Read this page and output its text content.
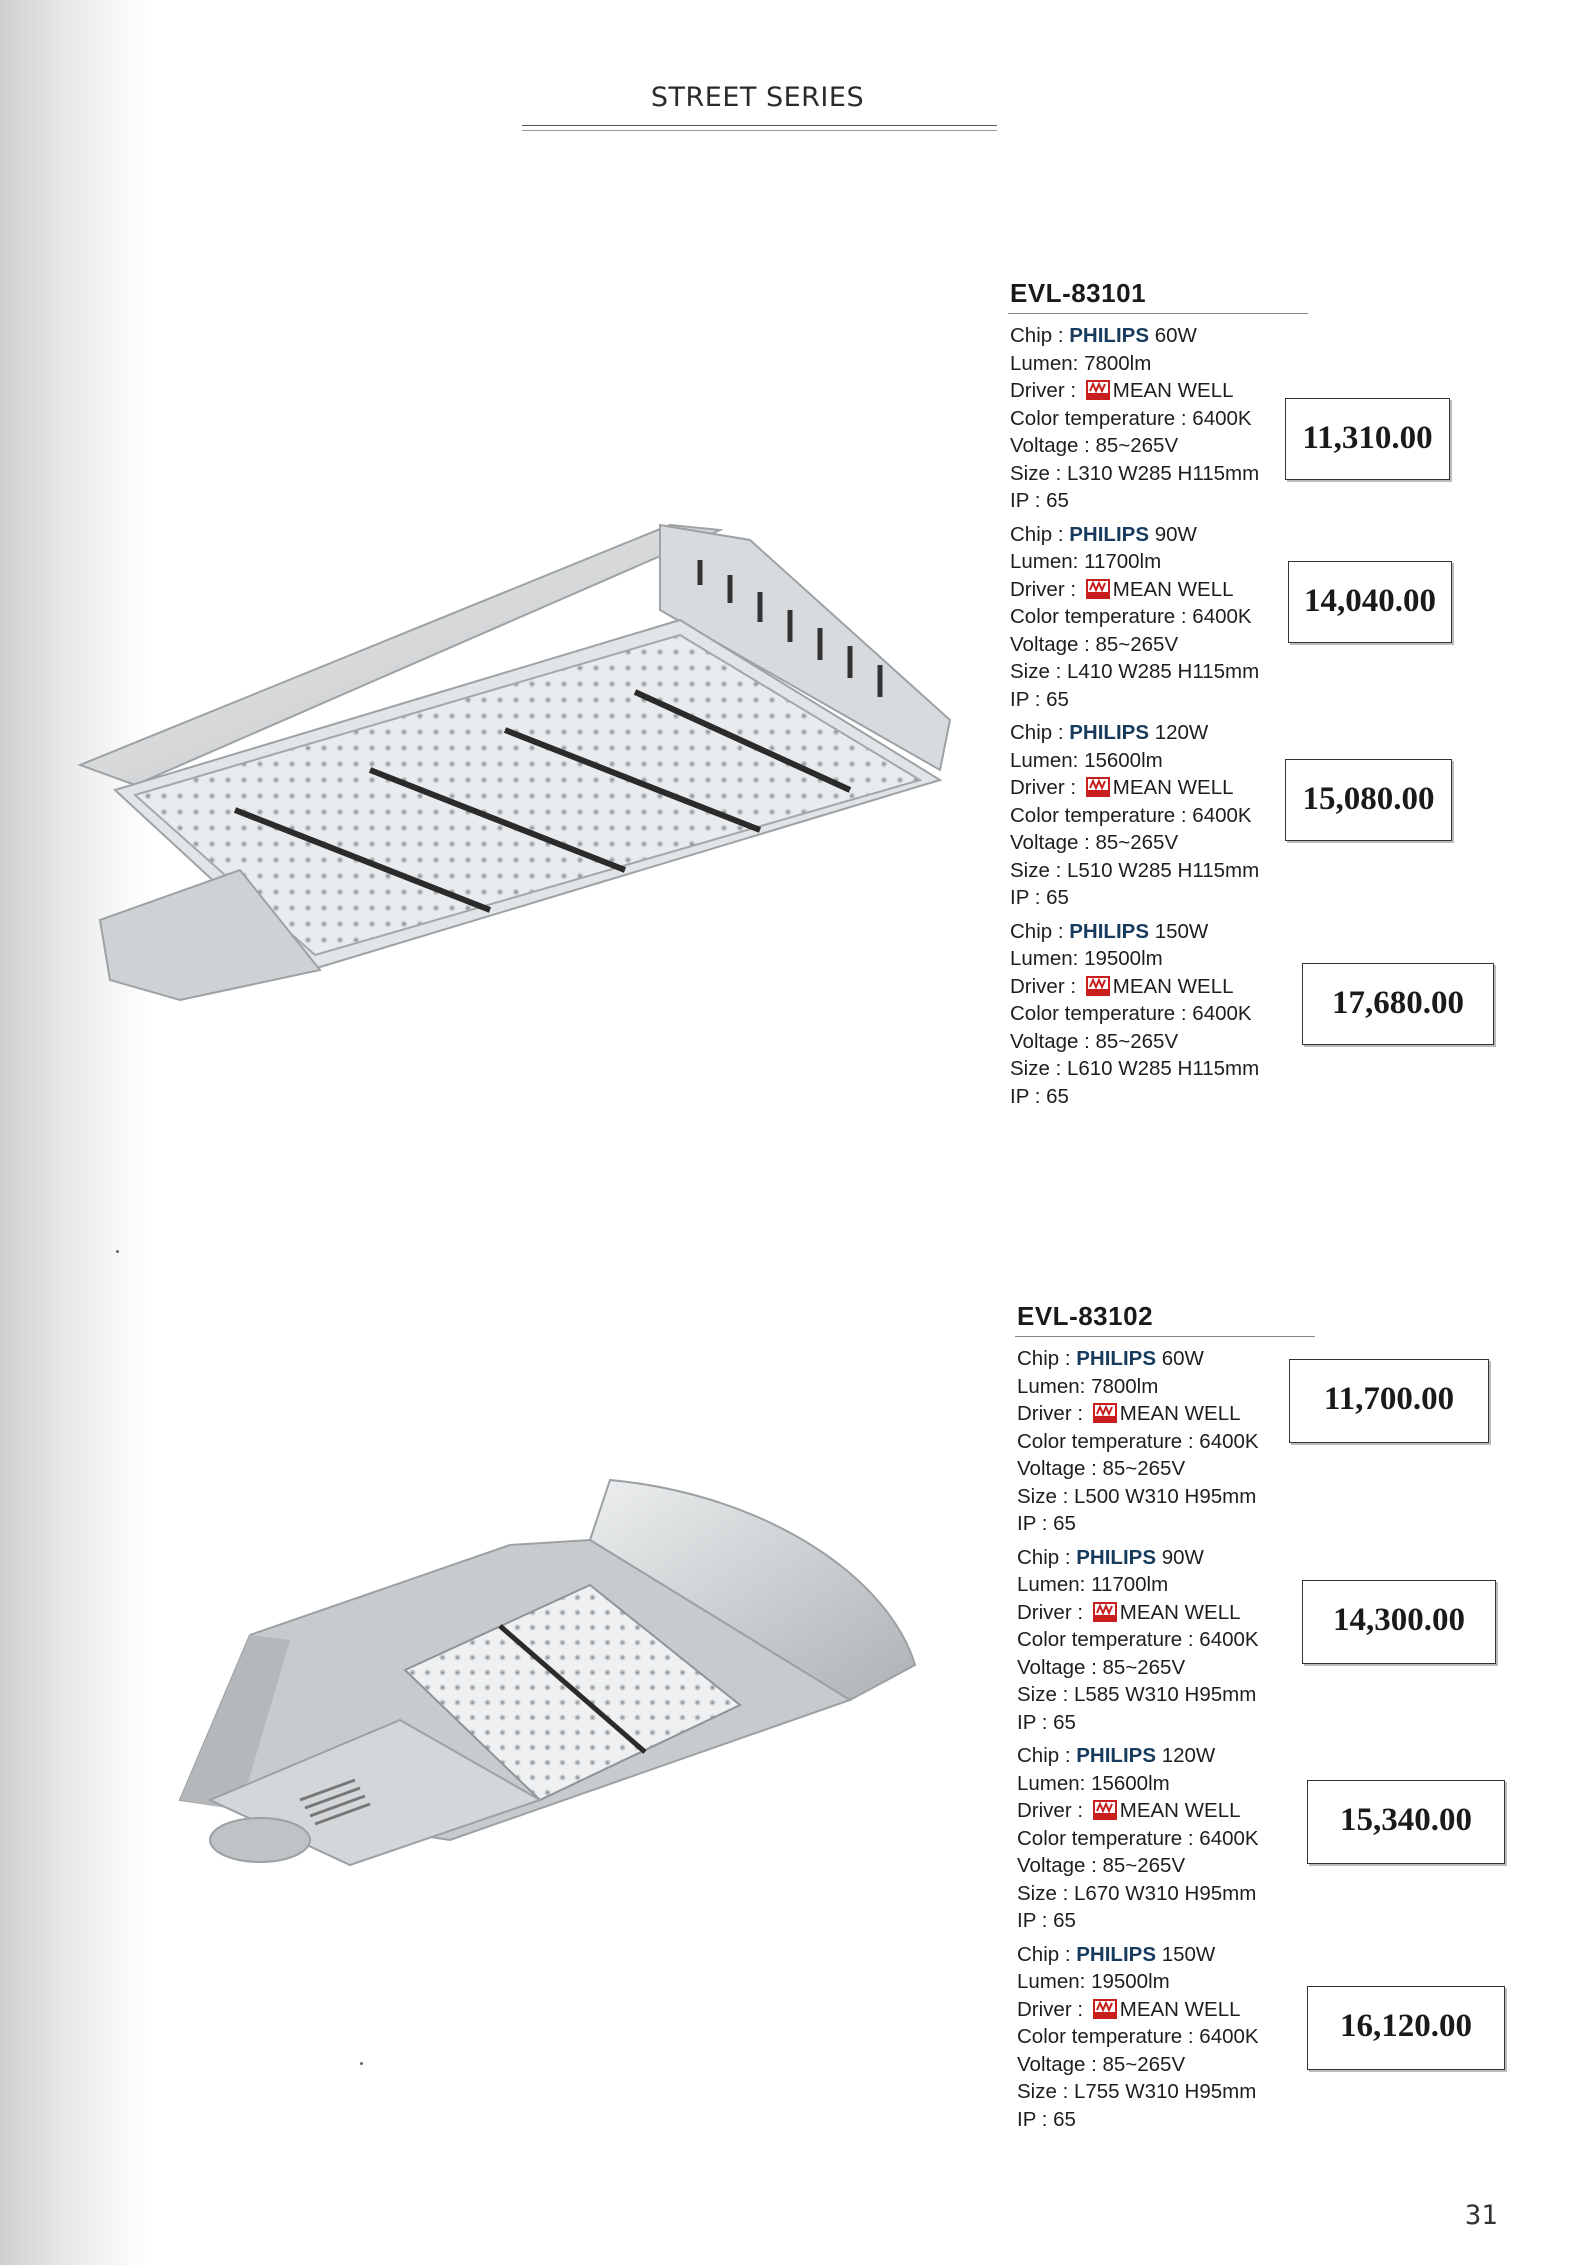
STREET SERIES
EVL-83101
Chip : PHILIPS 60W
Lumen: 7800lm
Driver : MEAN WELL
Color temperature : 6400K
Voltage : 85~265V
Size : L310 W285 H115mm
IP : 65
11,310.00
Chip : PHILIPS 90W
Lumen: 11700lm
Driver : MEAN WELL
Color temperature : 6400K
Voltage : 85~265V
Size : L410 W285 H115mm
IP : 65
14,040.00
Chip : PHILIPS 120W
Lumen: 15600lm
Driver : MEAN WELL
Color temperature : 6400K
Voltage : 85~265V
Size : L510 W285 H115mm
IP : 65
15,080.00
Chip : PHILIPS 150W
Lumen: 19500lm
Driver : MEAN WELL
Color temperature : 6400K
Voltage : 85~265V
Size : L610 W285 H115mm
IP : 65
17,680.00
EVL-83102
Chip : PHILIPS 60W
Lumen: 7800lm
Driver : MEAN WELL
Color temperature : 6400K
Voltage : 85~265V
Size : L500 W310 H95mm
IP : 65
11,700.00
Chip : PHILIPS 90W
Lumen: 11700lm
Driver : MEAN WELL
Color temperature : 6400K
Voltage : 85~265V
Size : L585 W310 H95mm
IP : 65
14,300.00
Chip : PHILIPS 120W
Lumen: 15600lm
Driver : MEAN WELL
Color temperature : 6400K
Voltage : 85~265V
Size : L670 W310 H95mm
IP : 65
15,340.00
Chip : PHILIPS 150W
Lumen: 19500lm
Driver : MEAN WELL
Color temperature : 6400K
Voltage : 85~265V
Size : L755 W310 H95mm
IP : 65
16,120.00
31
